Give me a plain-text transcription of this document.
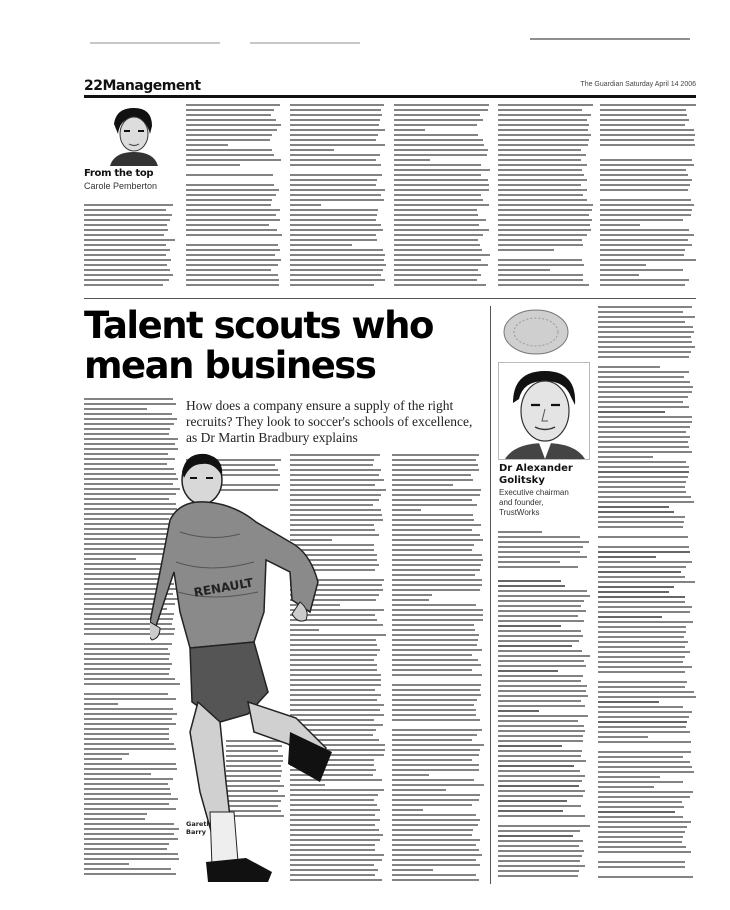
22Management	The Guardian Saturday April 14 2006
From the top
Carole Pemberton
Talent scouts who
mean business
How does a company ensure a supply of the right recruits? They look to soccer's schools of excellence, as Dr Martin Bradbury explains
RENAULT
Gareth Barry
Dr Alexander
Golitsky
Executive chairman and founder, TrustWorks
